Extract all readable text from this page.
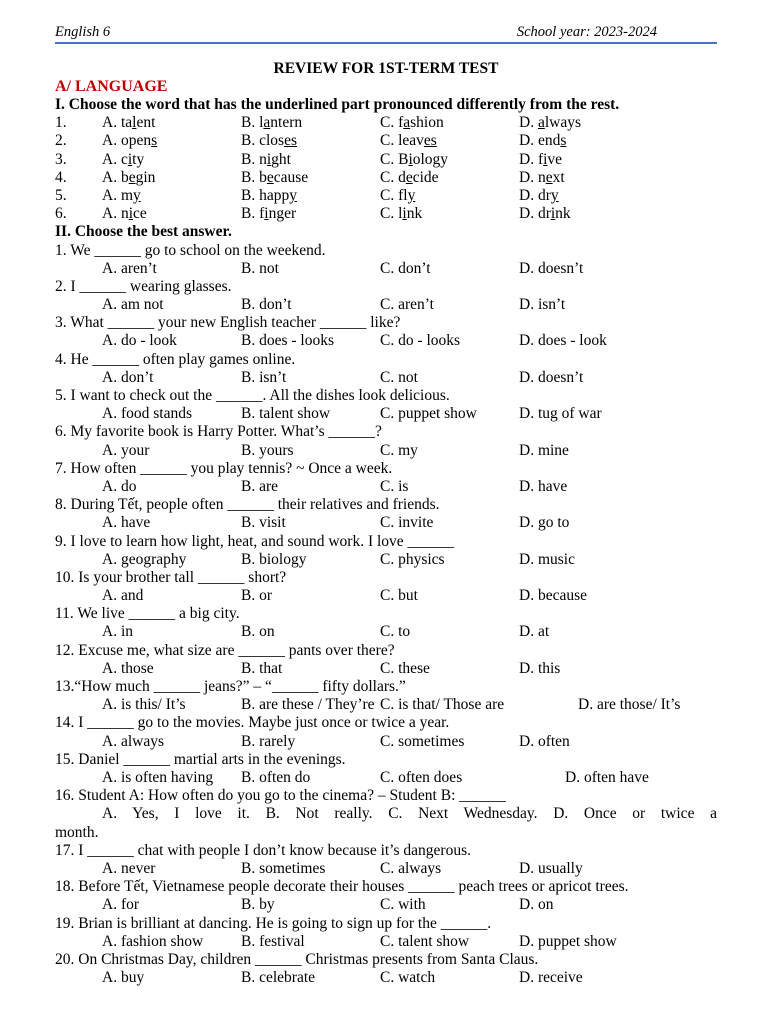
English 6	School year: 2023-2024
REVIEW FOR 1ST-TERM TEST
A/ LANGUAGE
I. Choose the word that has the underlined part pronounced differently from the rest.
1. A. talent	B. lantern	C. fashion	D. always
2. A. opens	B. closes	C. leaves	D. ends
3. A. city	B. night	C. Biology	D. five
4. A. begin	B. because	C. decide	D. next
5. A. my	B. happy	C. fly	D. dry
6. A. nice	B. finger	C. link	D. drink
II. Choose the best answer.
1. We ______ go to school on the weekend.
A. aren’t	B. not	C. don’t	D. doesn’t
2. I ______ wearing glasses.
A. am not	B. don’t	C. aren’t	D. isn’t
3. What ______ your new English teacher ______ like?
A. do - look	B. does - looks	C. do - looks	D. does - look
4. He ______ often play games online.
A. don’t	B. isn’t	C. not	D. doesn’t
5. I want to check out the ______. All the dishes look delicious.
A. food stands	B. talent show	C. puppet show	D. tug of war
6. My favorite book is Harry Potter. What’s ______?
A. your	B. yours	C. my	D. mine
7. How often ______ you play tennis? ~ Once a week.
A. do	B. are	C. is	D. have
8. During Tết, people often ______ their relatives and friends.
A. have	B. visit	C. invite	D. go to
9. I love to learn how light, heat, and sound work. I love ______
A. geography	B. biology	C. physics	D. music
10. Is your brother tall ______ short?
A. and	B. or	C. but	D. because
11. We live ______ a big city.
A. in	B. on	C. to	D. at
12. Excuse me, what size are ______ pants over there?
A. those	B. that	C. these	D. this
13.“How much ______ jeans?” – “______ fifty dollars.”
A. is this/ It’s	B. are these / They’re C. is that/ Those are	D. are those/ It’s
14. I ______ go to the movies. Maybe just once or twice a year.
A. always	B. rarely	C. sometimes	D. often
15. Daniel ______ martial arts in the evenings.
A. is often having B. often do	C. often does	D. often have
16. Student A: How often do you go to the cinema? – Student B: ______
A. Yes, I love it. B. Not really. C. Next Wednesday. D. Once or twice a
month.
17. I ______ chat with people I don’t know because it’s dangerous.
A. never	B. sometimes	C. always	D. usually
18. Before Tết, Vietnamese people decorate their houses ______ peach trees or apricot trees.
A. for	B. by	C. with	D. on
19. Brian is brilliant at dancing. He is going to sign up for the ______.
A. fashion show B. festival	C. talent show	D. puppet show
20. On Christmas Day, children ______ Christmas presents from Santa Claus.
A. buy	B. celebrate	C. watch	D. receive
